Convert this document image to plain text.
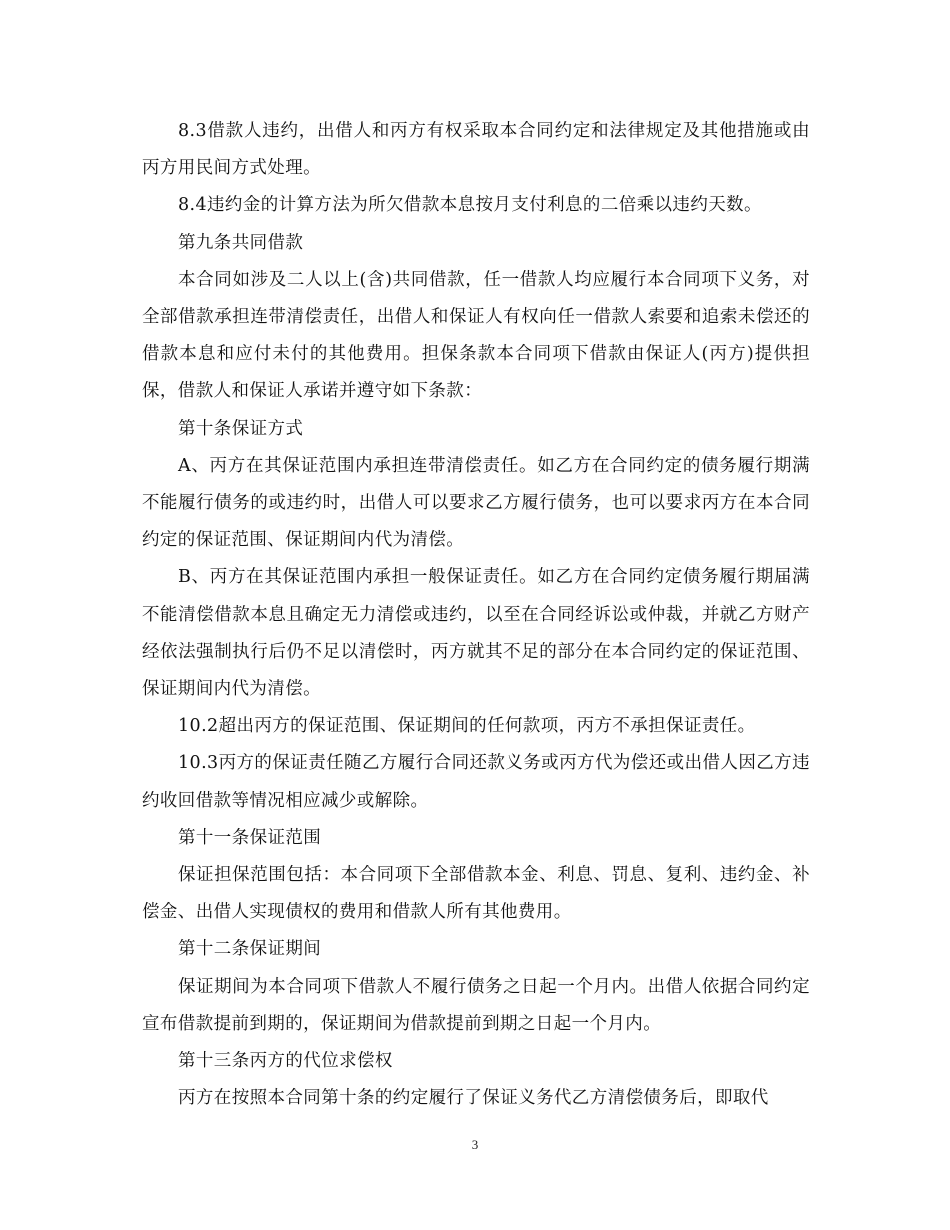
8.3借款人违约，出借人和丙方有权采取本合同约定和法律规定及其他措施或由丙方用民间方式处理。

8.4违约金的计算方法为所欠借款本息按月支付利息的二倍乘以违约天数。

第九条共同借款

本合同如涉及二人以上(含)共同借款，任一借款人均应履行本合同项下义务，对全部借款承担连带清偿责任，出借人和保证人有权向任一借款人索要和追索未偿还的借款本息和应付未付的其他费用。担保条款本合同项下借款由保证人(丙方)提供担保，借款人和保证人承诺并遵守如下条款：

第十条保证方式

A、丙方在其保证范围内承担连带清偿责任。如乙方在合同约定的债务履行期满不能履行债务的或违约时，出借人可以要求乙方履行债务，也可以要求丙方在本合同约定的保证范围、保证期间内代为清偿。

B、丙方在其保证范围内承担一般保证责任。如乙方在合同约定债务履行期届满不能清偿借款本息且确定无力清偿或违约，以至在合同经诉讼或仲裁，并就乙方财产经依法强制执行后仍不足以清偿时，丙方就其不足的部分在本合同约定的保证范围、保证期间内代为清偿。

10.2超出丙方的保证范围、保证期间的任何款项，丙方不承担保证责任。

10.3丙方的保证责任随乙方履行合同还款义务或丙方代为偿还或出借人因乙方违约收回借款等情况相应减少或解除。

第十一条保证范围

保证担保范围包括：本合同项下全部借款本金、利息、罚息、复利、违约金、补偿金、出借人实现债权的费用和借款人所有其他费用。

第十二条保证期间

保证期间为本合同项下借款人不履行债务之日起一个月内。出借人依据合同约定宣布借款提前到期的，保证期间为借款提前到期之日起一个月内。

第十三条丙方的代位求偿权

丙方在按照本合同第十条的约定履行了保证义务代乙方清偿债务后，即取代

3
